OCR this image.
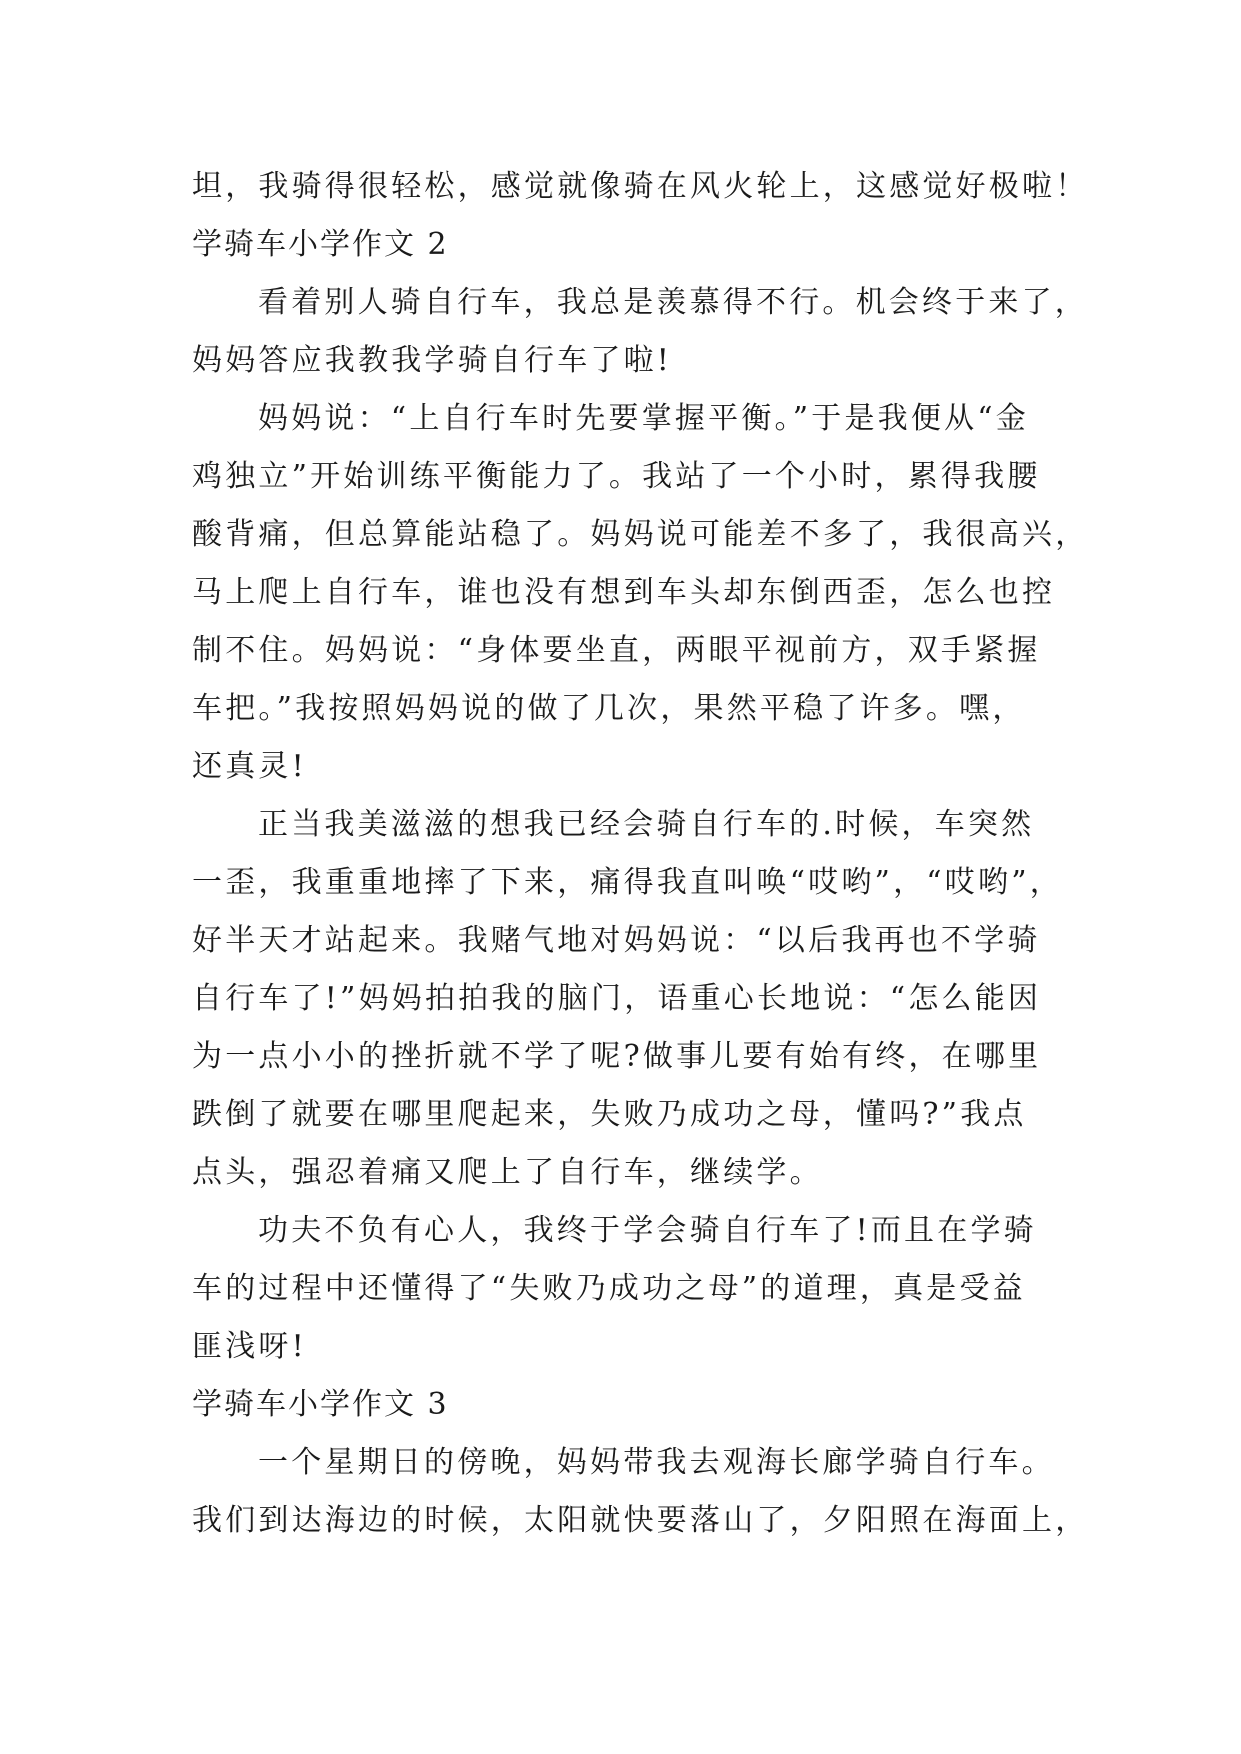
坦，我骑得很轻松，感觉就像骑在风火轮上，这感觉好极啦！
学骑车小学作文 2
看着别人骑自行车，我总是羡慕得不行。机会终于来了，
妈妈答应我教我学骑自行车了啦!
妈妈说：“上自行车时先要掌握平衡。”于是我便从“金
鸡独立”开始训练平衡能力了。我站了一个小时，累得我腰
酸背痛，但总算能站稳了。妈妈说可能差不多了，我很高兴，
马上爬上自行车，谁也没有想到车头却东倒西歪，怎么也控
制不住。妈妈说：“身体要坐直，两眼平视前方，双手紧握
车把。”我按照妈妈说的做了几次，果然平稳了许多。嘿，
还真灵!
正当我美滋滋的想我已经会骑自行车的.时候，车突然
一歪，我重重地摔了下来，痛得我直叫唤“哎哟”，“哎哟”，
好半天才站起来。我赌气地对妈妈说：“以后我再也不学骑
自行车了!”妈妈拍拍我的脑门，语重心长地说：“怎么能因
为一点小小的挫折就不学了呢?做事儿要有始有终，在哪里
跌倒了就要在哪里爬起来，失败乃成功之母，懂吗?”我点
点头，强忍着痛又爬上了自行车，继续学。
功夫不负有心人，我终于学会骑自行车了!而且在学骑
车的过程中还懂得了“失败乃成功之母”的道理，真是受益
匪浅呀!
学骑车小学作文 3
一个星期日的傍晚，妈妈带我去观海长廊学骑自行车。
我们到达海边的时候，太阳就快要落山了，夕阳照在海面上，
